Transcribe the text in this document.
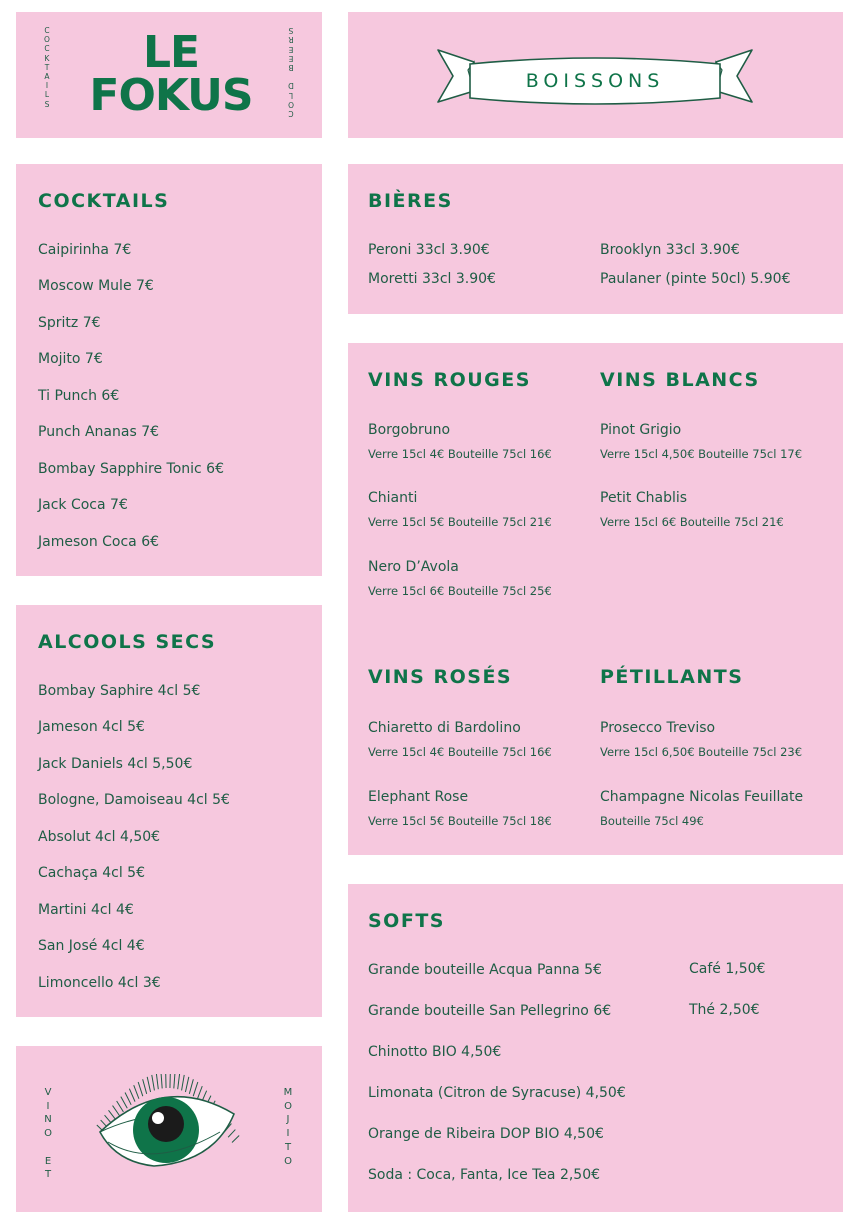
C
O
C
K
T
A
I
L
S
LE
FOKUS	C
O
L
D

B
E
E
R
S
BOISSONS
COCKTAILS
Caipirinha 7€
Moscow Mule 7€
Spritz 7€
Mojito 7€
Ti Punch 6€
Punch Ananas 7€
Bombay Sapphire Tonic 6€
Jack Coca 7€
Jameson Coca 6€
ALCOOLS SECS
Bombay Saphire 4cl 5€
Jameson 4cl 5€
Jack Daniels 4cl 5,50€
Bologne, Damoiseau 4cl 5€
Absolut 4cl 4,50€
Cachaça 4cl 5€
Martini 4cl 4€
San José 4cl 4€
Limoncello 4cl 3€
V
I
N
O

E
T
M
O
J
I
T
O
BIÈRES
Peroni 33cl 3.90€
Moretti 33cl 3.90€
Brooklyn 33cl 3.90€
Paulaner (pinte 50cl) 5.90€
VINS ROUGES
Borgobruno
Verre 15cl 4€ Bouteille 75cl 16€
Chianti
Verre 15cl 5€ Bouteille 75cl 21€
Nero D’Avola
Verre 15cl 6€ Bouteille 75cl 25€
VINS BLANCS
Pinot Grigio
Verre 15cl 4,50€ Bouteille 75cl 17€
Petit Chablis
Verre 15cl 6€ Bouteille 75cl 21€
VINS ROSÉS
Chiaretto di Bardolino
Verre 15cl 4€ Bouteille 75cl 16€
Elephant Rose
Verre 15cl 5€ Bouteille 75cl 18€
PÉTILLANTS
Prosecco Treviso
Verre 15cl 6,50€ Bouteille 75cl 23€
Champagne Nicolas Feuillate
Bouteille 75cl 49€
SOFTS
Grande bouteille Acqua Panna 5€
Grande bouteille San Pellegrino 6€
Chinotto BIO 4,50€
Limonata (Citron de Syracuse) 4,50€
Orange de Ribeira DOP BIO 4,50€
Soda : Coca, Fanta, Ice Tea 2,50€
Café 1,50€
Thé 2,50€
